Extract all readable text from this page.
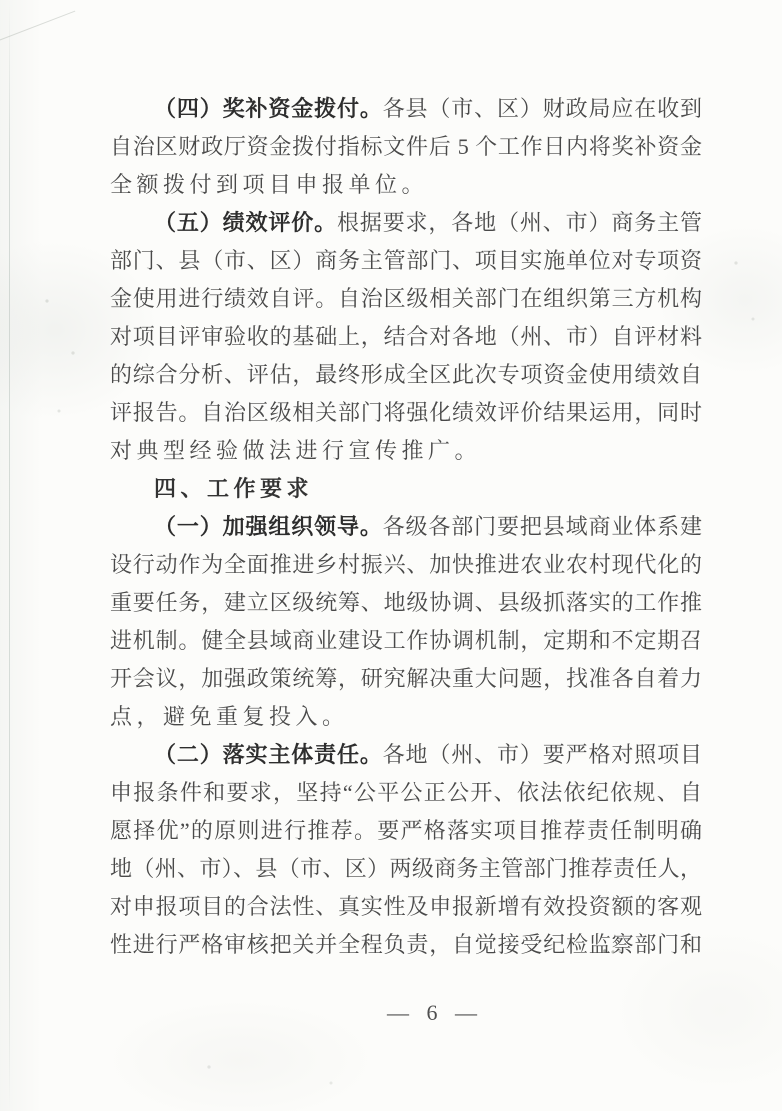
（四）奖补资金拨付。各县（市、区）财政局应在收到
自治区财政厅资金拨付指标文件后 5 个工作日内将奖补资金
全额拨付到项目申报单位。
（五）绩效评价。根据要求，各地（州、市）商务主管
部门、县（市、区）商务主管部门、项目实施单位对专项资
金使用进行绩效自评。自治区级相关部门在组织第三方机构
对项目评审验收的基础上，结合对各地（州、市）自评材料
的综合分析、评估，最终形成全区此次专项资金使用绩效自
评报告。自治区级相关部门将强化绩效评价结果运用，同时
对典型经验做法进行宣传推广。
四、工作要求
（一）加强组织领导。各级各部门要把县域商业体系建
设行动作为全面推进乡村振兴、加快推进农业农村现代化的
重要任务，建立区级统筹、地级协调、县级抓落实的工作推
进机制。健全县域商业建设工作协调机制，定期和不定期召
开会议，加强政策统筹，研究解决重大问题，找准各自着力
点，避免重复投入。
（二）落实主体责任。各地（州、市）要严格对照项目
申报条件和要求，坚持“公平公正公开、依法依纪依规、自
愿择优”的原则进行推荐。要严格落实项目推荐责任制明确
地（州、市）、县（市、区）两级商务主管部门推荐责任人，
对申报项目的合法性、真实性及申报新增有效投资额的客观
性进行严格审核把关并全程负责，自觉接受纪检监察部门和
— 6 —
